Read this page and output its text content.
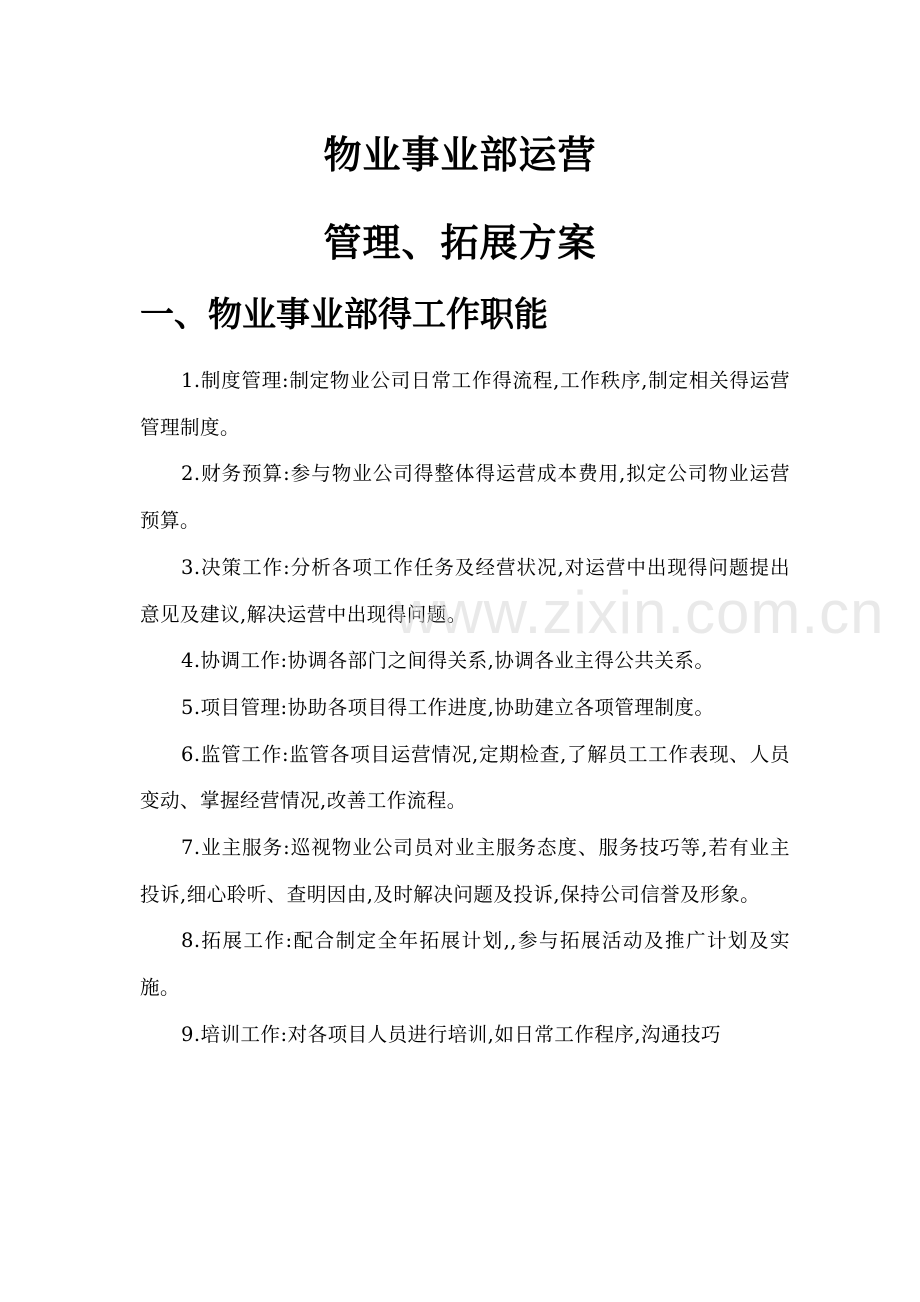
物业事业部运营
管理、拓展方案
一、物业事业部得工作职能

1.制度管理:制定物业公司日常工作得流程,工作秩序,制定相关得运营管理制度。

2.财务预算:参与物业公司得整体得运营成本费用,拟定公司物业运营预算。

3.决策工作:分析各项工作任务及经营状况,对运营中出现得问题提出意见及建议,解决运营中出现得问题。

4.协调工作:协调各部门之间得关系,协调各业主得公共关系。

5.项目管理:协助各项目得工作进度,协助建立各项管理制度。

6.监管工作:监管各项目运营情况,定期检查,了解员工工作表现、人员变动、掌握经营情况,改善工作流程。

7.业主服务:巡视物业公司员对业主服务态度、服务技巧等,若有业主投诉,细心聆听、查明因由,及时解决问题及投诉,保持公司信誉及形象。

8.拓展工作:配合制定全年拓展计划,,参与拓展活动及推广计划及实施。

9.培训工作:对各项目人员进行培训,如日常工作程序,沟通技巧

www.zixin.com.cn
